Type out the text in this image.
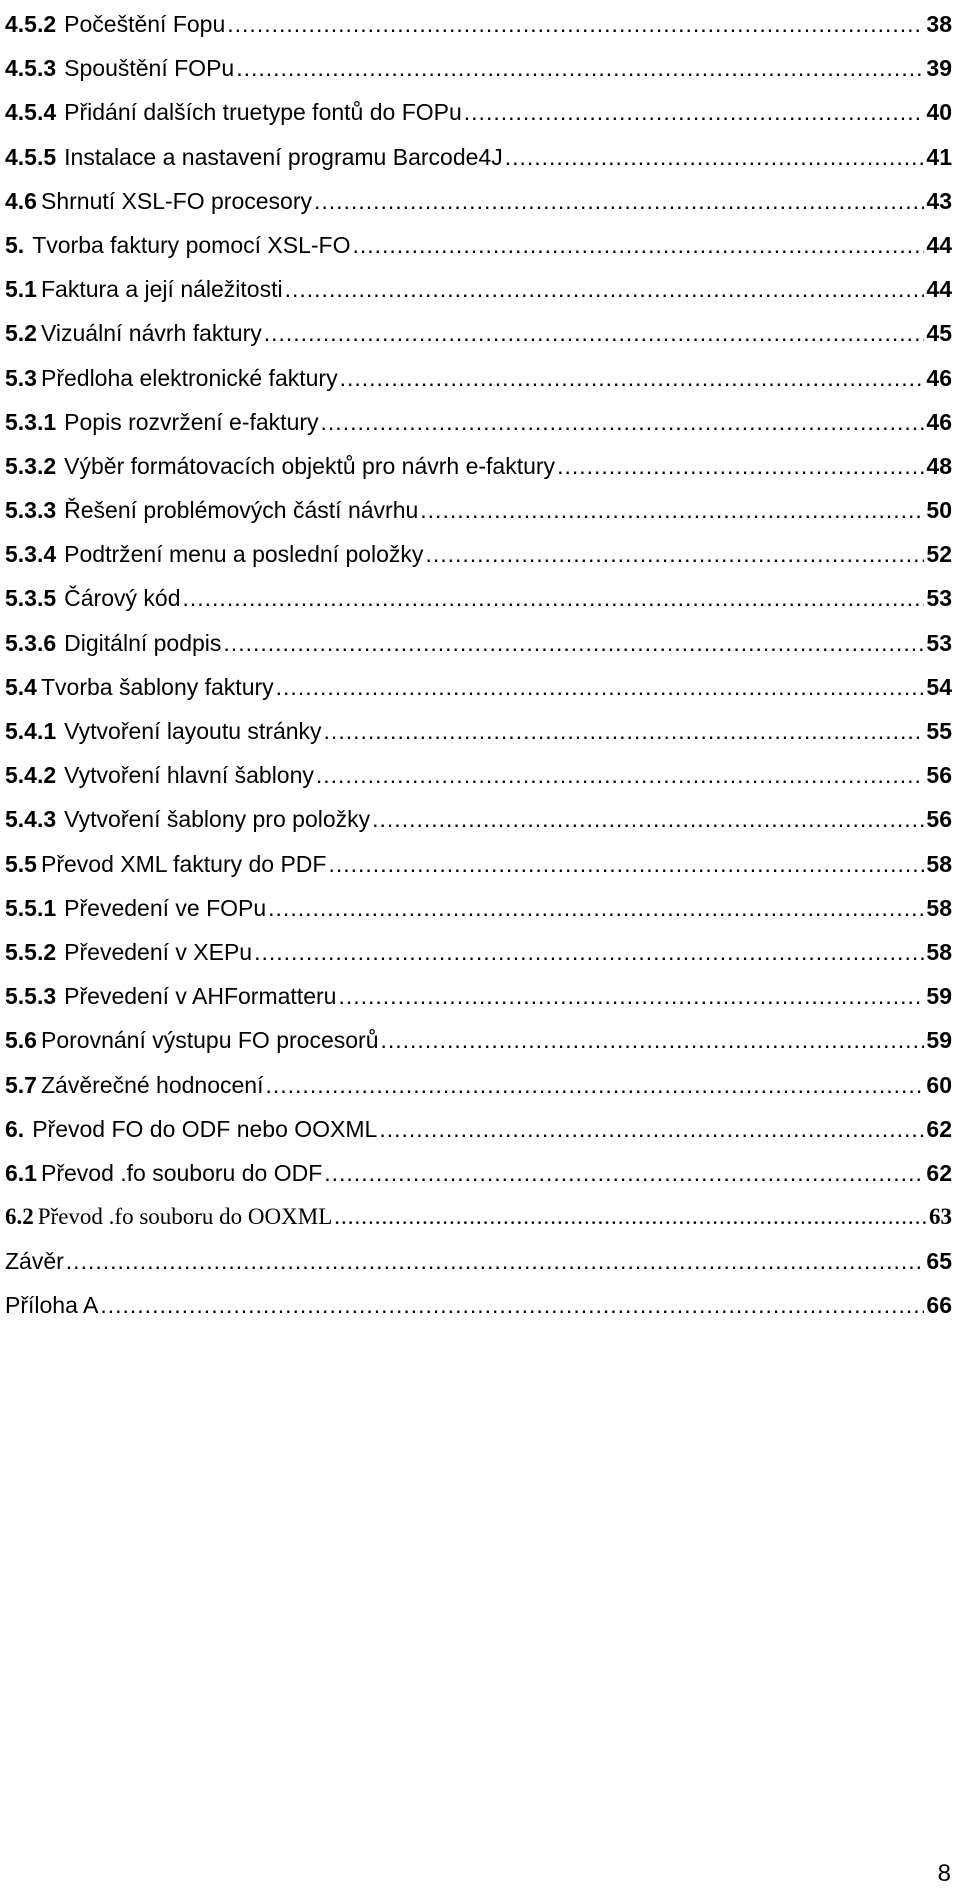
4.5.2 Počeštění Fopu .....	38
4.5.3 Spouštění FOPu .....	39
4.5.4 Přidání dalších truetype fontů do FOPu .....	40
4.5.5 Instalace a nastavení programu Barcode4J .....	41
4.6 Shrnutí XSL-FO procesory .....	43
5. Tvorba faktury pomocí XSL-FO .....	44
5.1 Faktura a její náležitosti .....	44
5.2 Vizuální návrh faktury .....	45
5.3 Předloha elektronické faktury .....	46
5.3.1 Popis rozvržení e-faktury .....	46
5.3.2 Výběr formátovacích objektů pro návrh e-faktury .....	48
5.3.3 Řešení problémových částí návrhu .....	50
5.3.4 Podtržení menu a poslední položky .....	52
5.3.5 Čárový kód .....	53
5.3.6 Digitální podpis .....	53
5.4 Tvorba šablony faktury .....	54
5.4.1 Vytvoření layoutu stránky .....	55
5.4.2 Vytvoření hlavní šablony .....	56
5.4.3 Vytvoření šablony pro položky .....	56
5.5 Převod XML faktury do PDF .....	58
5.5.1 Převedení ve FOPu .....	58
5.5.2 Převedení v XEPu .....	58
5.5.3 Převedení v AHFormatteru .....	59
5.6 Porovnání výstupu FO procesorů .....	59
5.7 Závěrečné hodnocení .....	60
6. Převod FO do ODF nebo OOXML .....	62
6.1 Převod .fo souboru do ODF .....	62
6.2 Převod .fo souboru do OOXML .....	63
Závěr .....	65
Příloha A .....	66
8
